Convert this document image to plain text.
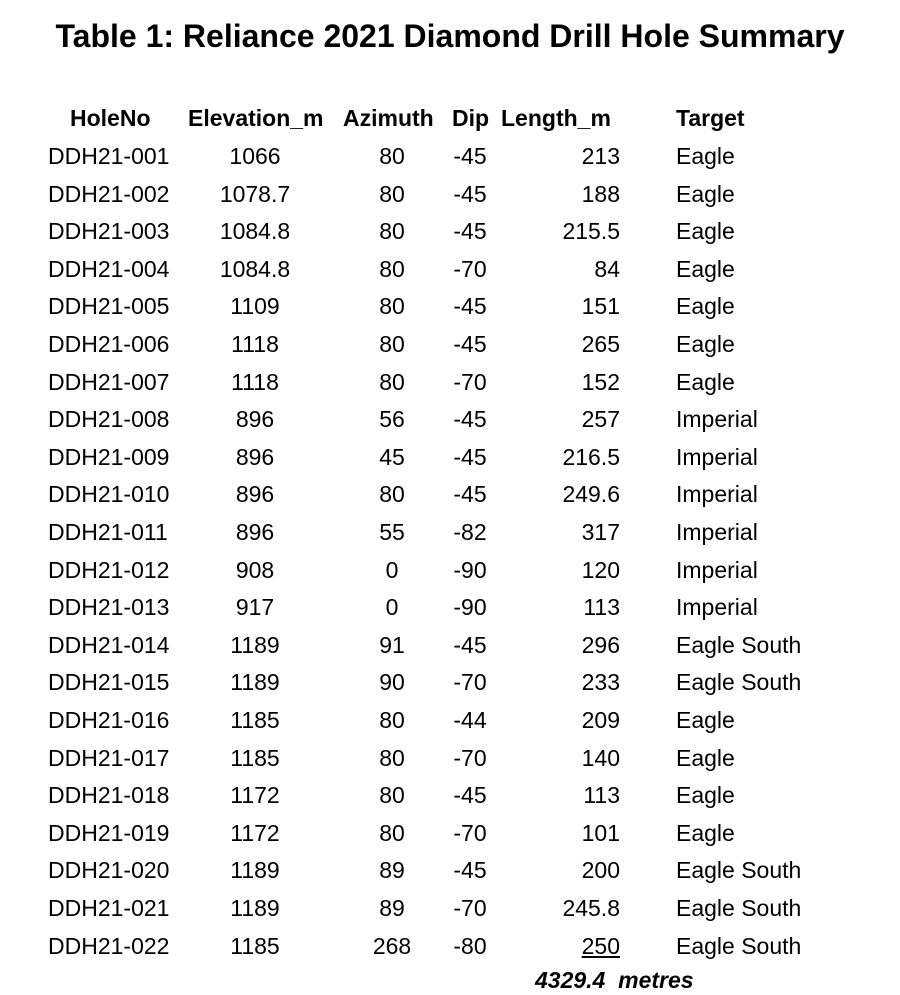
Table 1: Reliance 2021 Diamond Drill Hole Summary
HoleNo Elevation_m Azimuth Dip Length_m	Target
DDH21-001	1066	80	-45	213 Eagle
DDH21-002	1078.7	80	-45	188 Eagle
DDH21-003	1084.8	80	-45	215.5 Eagle
DDH21-004	1084.8	80	-70	84 Eagle
DDH21-005	1109	80	-45	151 Eagle
DDH21-006	1118	80	-45	265 Eagle
DDH21-007	1118	80	-70	152 Eagle
DDH21-008	896	56	-45	257 Imperial
DDH21-009	896	45	-45	216.5 Imperial
DDH21-010	896	80	-45	249.6 Imperial
DDH21-011	896	55	-82	317 Imperial
DDH21-012	908	0	-90	120 Imperial
DDH21-013	917	0	-90	113 Imperial
DDH21-014	1189	91	-45	296 Eagle South
DDH21-015	1189	90	-70	233 Eagle South
DDH21-016	1185	80	-44	209 Eagle
DDH21-017	1185	80	-70	140 Eagle
DDH21-018	1172	80	-45	113 Eagle
DDH21-019	1172	80	-70	101 Eagle
DDH21-020	1189	89	-45	200 Eagle South
DDH21-021	1189	89	-70	245.8 Eagle South
DDH21-022	1185	268	-80	250 Eagle South
4329.4  metres
